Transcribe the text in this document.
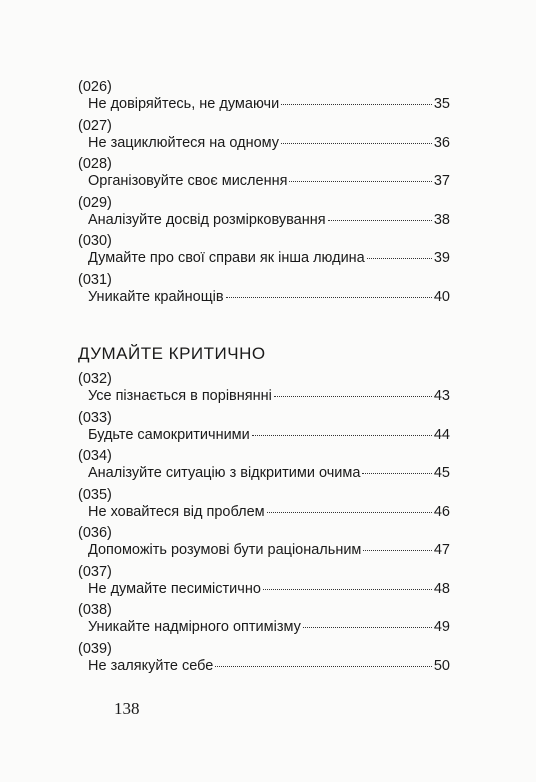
(026)
Не довіряйтесь, не думаючи	35
(027)
Не зациклюйтеся на одному	36
(028)
Організовуйте своє мислення	37
(029)
Аналізуйте досвід розмірковування	38
(030)
Думайте про свої справи як інша людина	39
(031)
Уникайте крайнощів	40
ДУМАЙТЕ КРИТИЧНО
(032)
Усе пізнається в порівнянні	43
(033)
Будьте самокритичними	44
(034)
Аналізуйте ситуацію з відкритими очима	45
(035)
Не ховайтеся від проблем	46
(036)
Допоможіть розумові бути раціональним	47
(037)
Не думайте песимістично	48
(038)
Уникайте надмірного оптимізму	49
(039)
Не залякуйте себе	50
138
